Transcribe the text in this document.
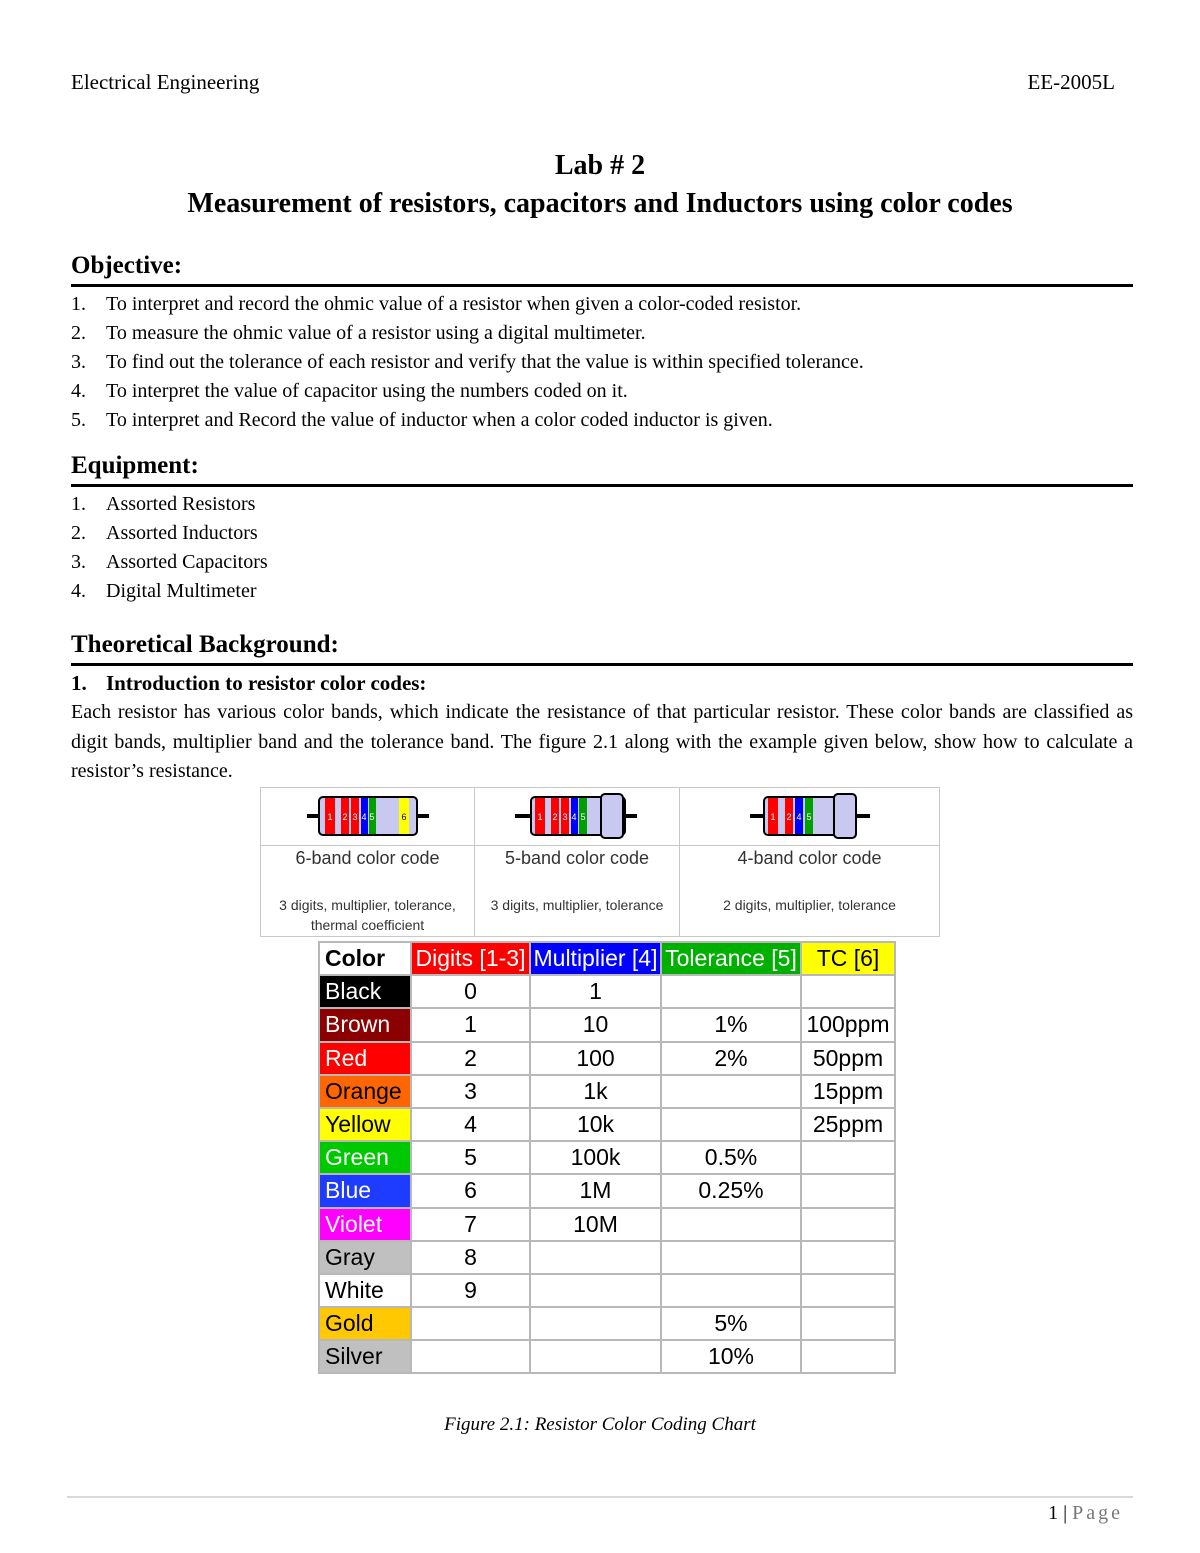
Electrical Engineering	EE-2005L
Lab # 2
Measurement of resistors, capacitors and Inductors using color codes
Objective:
1. To interpret and record the ohmic value of a resistor when given a color-coded resistor.
2. To measure the ohmic value of a resistor using a digital multimeter.
3. To find out the tolerance of each resistor and verify that the value is within specified tolerance.
4. To interpret the value of capacitor using the numbers coded on it.
5. To interpret and Record the value of inductor when a color coded inductor is given.
Equipment:
1. Assorted Resistors
2. Assorted Inductors
3. Assorted Capacitors
4. Digital Multimeter
Theoretical Background:
1. Introduction to resistor color codes:
Each resistor has various color bands, which indicate the resistance of that particular resistor. These color bands are classified as digit bands, multiplier band and the tolerance band. The figure 2.1 along with the example given below, show how to calculate a resistor’s resistance.
1 2 3 4 5	6
6-band color code
3 digits, multiplier, tolerance, thermal coefficient
1 2 3 4 5
5-band color code
3 digits, multiplier, tolerance
1 2 4 5
4-band color code
2 digits, multiplier, tolerance
Color	Digits [1-3]	Multiplier [4]	Tolerance [5]	TC [6]
Black	0	1		
Brown	1	10	1%	100ppm
Red	2	100	2%	50ppm
Orange	3	1k		15ppm
Yellow	4	10k		25ppm
Green	5	100k	0.5%	
Blue	6	1M	0.25%	
Violet	7	10M		
Gray	8			
White	9			
Gold			5%	
Silver			10%	
Figure 2.1: Resistor Color Coding Chart
1 | Page
